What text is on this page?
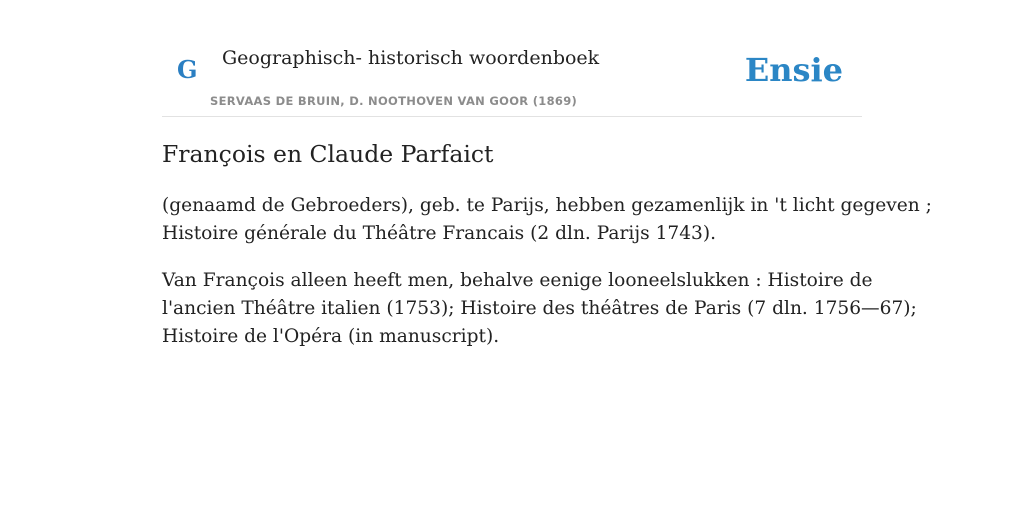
G Geographisch- historisch woordenboek
SERVAAS DE BRUIN, D. NOOTHOVEN VAN GOOR (1869)
Ensie
François en Claude Parfaict

(genaamd de Gebroeders), geb. te Parijs, hebben gezamenlijk in 't licht gegeven ;
Histoire générale du Théâtre Francais (2 dln. Parijs 1743).

Van François alleen heeft men, behalve eenige looneelslukken : Histoire de
l'ancien Théâtre italien (1753); Histoire des théâtres de Paris (7 dln. 1756—67);
Histoire de l'Opéra (in manuscript).
